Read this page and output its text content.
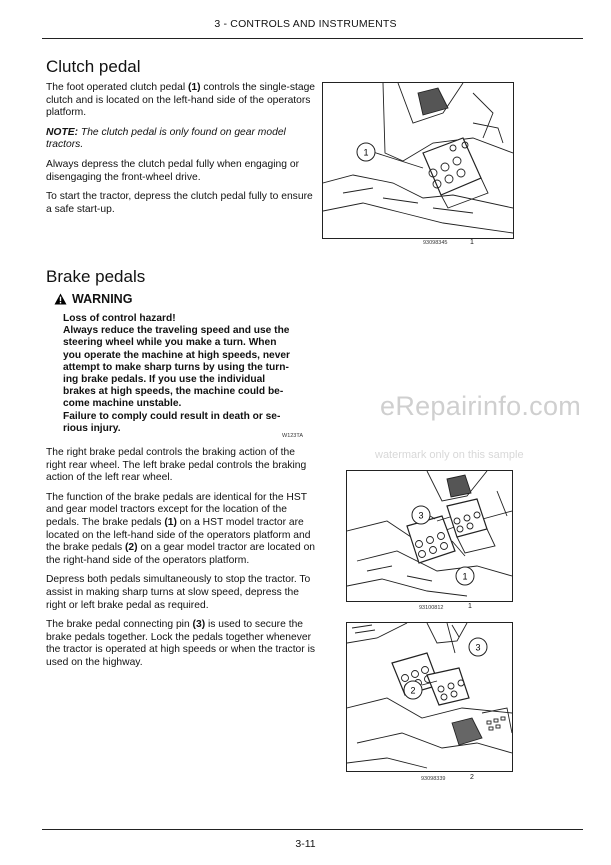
3 - CONTROLS AND INSTRUMENTS
Clutch pedal

The foot operated clutch pedal (1) controls the single-stage clutch and is located on the left-hand side of the operators platform.

NOTE: The clutch pedal is only found on gear model tractors.

Always depress the clutch pedal fully when engaging or disengaging the front-wheel drive.

To start the tractor, depress the clutch pedal fully to ensure a safe start-up.

1
93098345	1
Brake pedals
WARNING
Loss of control hazard!
Always reduce the traveling speed and use the
steering wheel while you make a turn. When
you operate the machine at high speeds, never
attempt to make sharp turns by using the turn-
ing brake pedals. If you use the individual
brakes at high speeds, the machine could be-
come machine unstable.
Failure to comply could result in death or se-
rious injury.
W123TA

The right brake pedal controls the braking action of the right rear wheel. The left brake pedal controls the braking action of the left rear wheel.

The function of the brake pedals are identical for the HST and gear model tractors except for the location of the pedals. The brake pedals (1) on a HST model tractor are located on the left-hand side of the operators platform and the brake pedals (2) on a gear model tractor are located on the right-hand side of the operators platform.

Depress both pedals simultaneously to stop the tractor. To assist in making sharp turns at slow speed, depress the right or left brake pedal as required.

The brake pedal connecting pin (3) is used to secure the brake pedals together. Lock the pedals together whenever the tractor is operated at high speeds or when the tractor is used on the highway.

3
1
93100812	1
2
3
93098339	2
eRepairinfo.com
watermark only on this sample
3-11
